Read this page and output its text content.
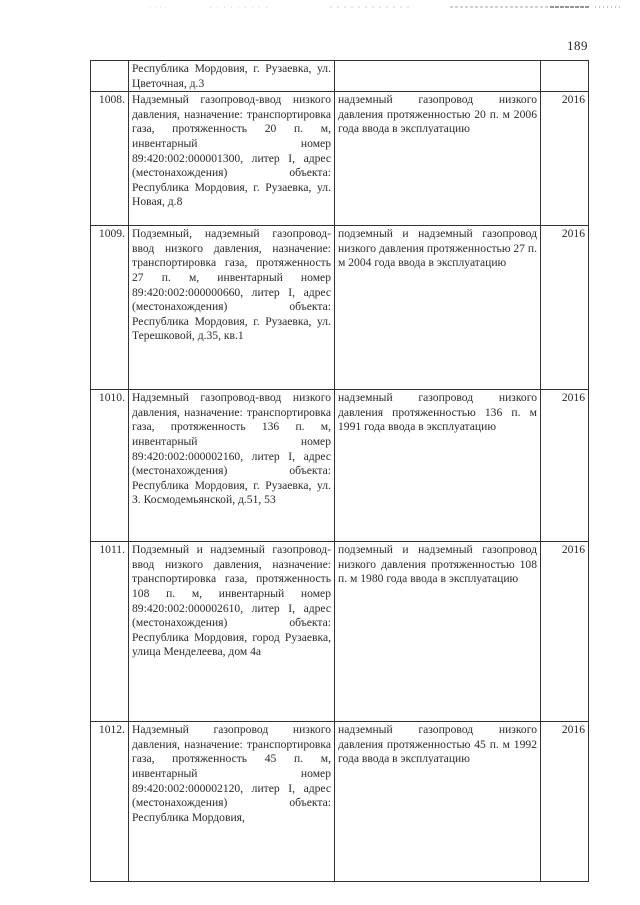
189
	Республика Мордовия, г. Рузаевка, ул. Цветочная, д.3		
1008.	Надземный газопровод-ввод низкого давления, назначение: транспортировка газа, протяженность 20 п. м, инвентарный номер 89:420:002:000001300, литер I, адрес (местонахождения) объекта: Республика Мордовия, г. Рузаевка, ул. Новая, д.8	надземный газопровод низкого давления протяженностью 20 п. м 2006 года ввода в эксплуатацию	2016
1009.	Подземный, надземный газопровод-ввод низкого давления, назначение: транспортировка газа, протяженность 27 п. м, инвентарный номер 89:420:002:000000660, литер I, адрес (местонахождения) объекта: Республика Мордовия, г. Рузаевка, ул. Терешковой, д.35, кв.1	подземный и надземный газопровод низкого давления протяженностью 27 п. м 2004 года ввода в эксплуатацию	2016
1010.	Надземный газопровод-ввод низкого давления, назначение: транспортировка газа, протяженность 136 п. м, инвентарный номер 89:420:002:000002160, литер I, адрес (местонахождения) объекта: Республика Мордовия, г. Рузаевка, ул. З. Космодемьянской, д.51, 53	надземный газопровод низкого давления протяженностью 136 п. м 1991 года ввода в эксплуатацию	2016
1011.	Подземный и надземный газопровод-ввод низкого давления, назначение: транспортировка газа, протяженность 108 п. м, инвентарный номер 89:420:002:000002610, литер I, адрес (местонахождения) объекта: Республика Мордовия, город Рузаевка, улица Менделеева, дом 4а	подземный и надземный газопровод низкого давления протяженностью 108 п. м 1980 года ввода в эксплуатацию	2016
1012.	Надземный газопровод низкого давления, назначение: транспортировка газа, протяженность 45 п. м, инвентарный номер 89:420:002:000002120, литер I, адрес (местонахождения) объекта: Республика Мордовия,	надземный газопровод низкого давления протяженностью 45 п. м 1992 года ввода в эксплуатацию	2016
